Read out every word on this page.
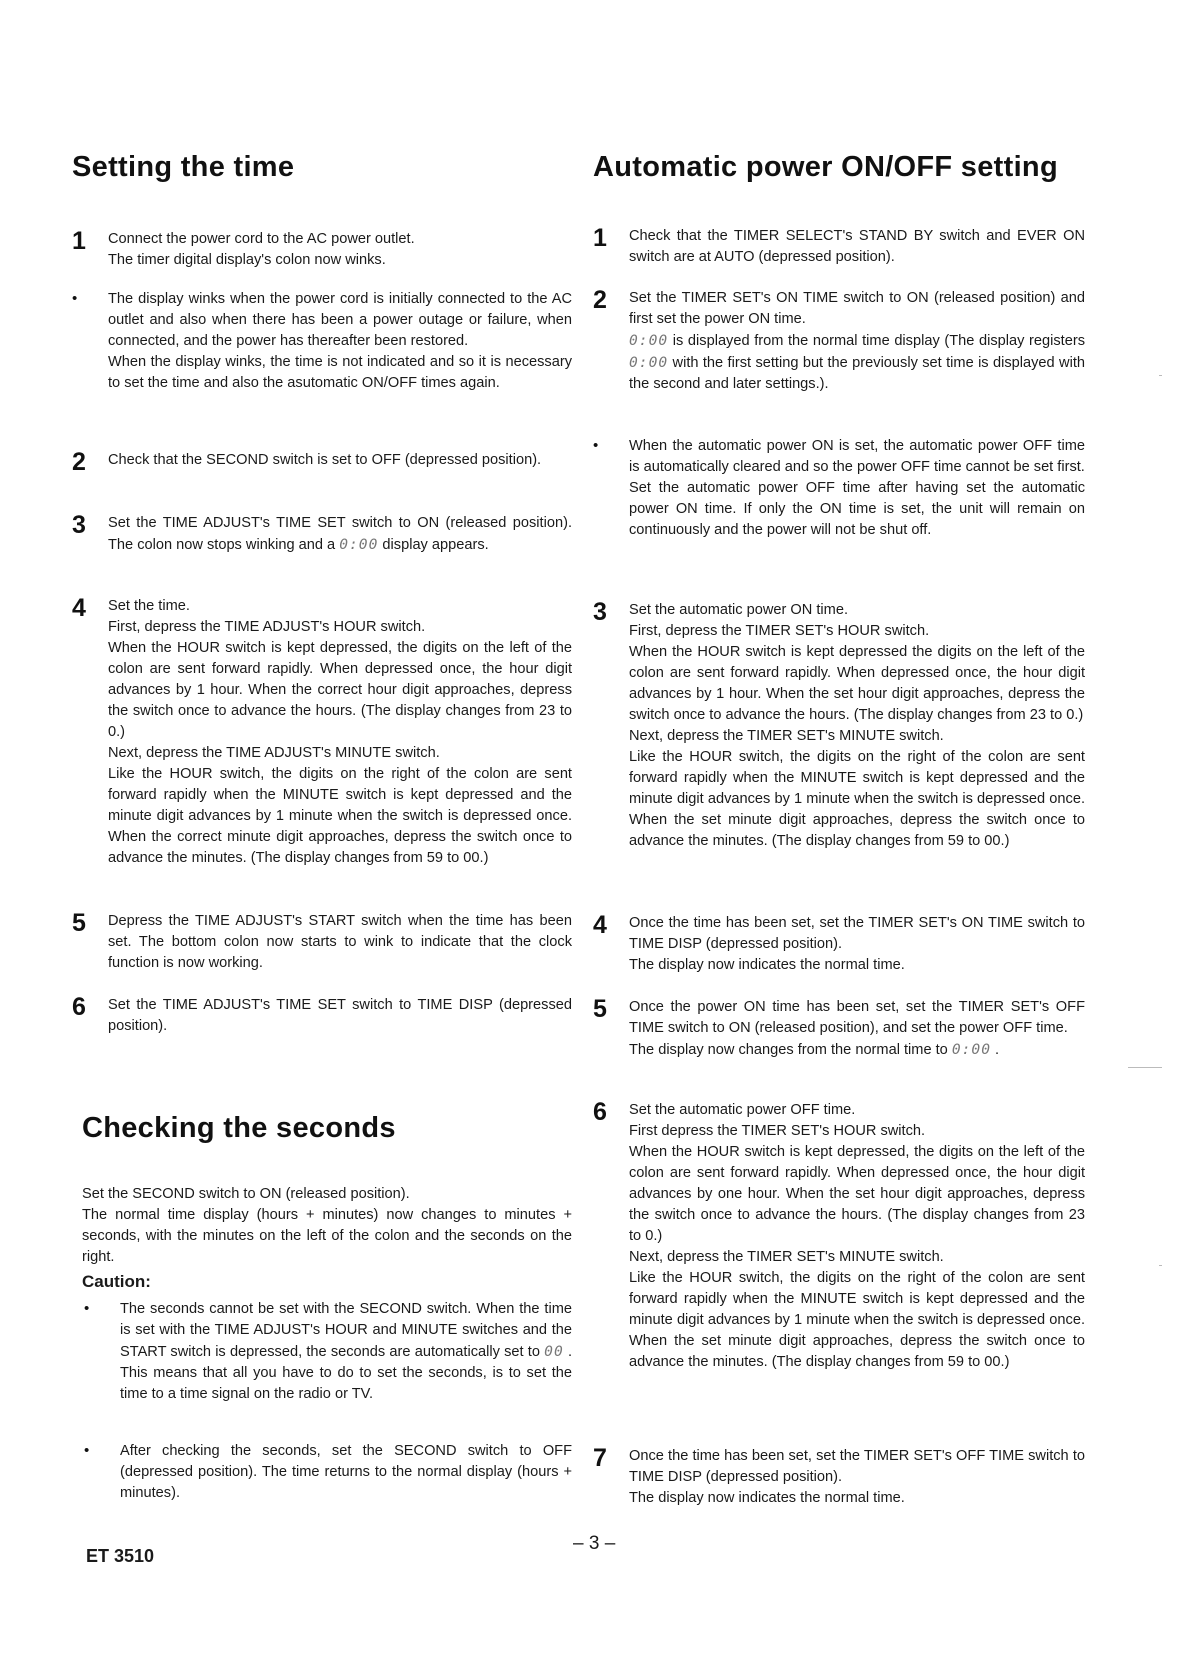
Setting the time
1 Connect the power cord to the AC power outlet.

The timer digital display's colon now winks.

• The display winks when the power cord is initially connected to the AC outlet and also when there has been a power outage or failure, when connected, and the power has thereafter been restored.

When the display winks, the time is not indicated and so it is necessary to set the time and also the asutomatic ON/OFF times again.

2 Check that the SECOND switch is set to OFF (depressed position).

3 Set the TIME ADJUST's TIME SET switch to ON (released position). The colon now stops winking and a 0:00 display appears.

4 Set the time.

First, depress the TIME ADJUST's HOUR switch.

When the HOUR switch is kept depressed, the digits on the left of the colon are sent forward rapidly. When depressed once, the hour digit advances by 1 hour. When the correct hour digit approaches, depress the switch once to advance the hours. (The display changes from 23 to 0.)

Next, depress the TIME ADJUST's MINUTE switch.

Like the HOUR switch, the digits on the right of the colon are sent forward rapidly when the MINUTE switch is kept depressed and the minute digit advances by 1 minute when the switch is depressed once. When the correct minute digit approaches, depress the switch once to advance the minutes. (The display changes from 59 to 00.)

5 Depress the TIME ADJUST's START switch when the time has been set. The bottom colon now starts to wink to indicate that the clock function is now working.

6 Set the TIME ADJUST's TIME SET switch to TIME DISP (depressed position).

Checking the seconds

Set the SECOND switch to ON (released position).

The normal time display (hours + minutes) now changes to minutes + seconds, with the minutes on the left of the colon and the seconds on the right.

Caution:
• The seconds cannot be set with the SECOND switch. When the time is set with the TIME ADJUST's HOUR and MINUTE switches and the START switch is depressed, the seconds are automatically set to 00 . This means that all you have to do to set the seconds, is to set the time to a time signal on the radio or TV.

• After checking the seconds, set the SECOND switch to OFF (depressed position). The time returns to the normal display (hours + minutes).

ET 3510
Automatic power ON/OFF setting
1 Check that the TIMER SELECT's STAND BY switch and EVER ON switch are at AUTO (depressed position).

2 Set the TIMER SET's ON TIME switch to ON (released position) and first set the power ON time.

0:00 is displayed from the normal time display (The display registers 0:00 with the first setting but the previously set time is displayed with the second and later settings.).

• When the automatic power ON is set, the automatic power OFF time is automatically cleared and so the power OFF time cannot be set first.

Set the automatic power OFF time after having set the automatic power ON time. If only the ON time is set, the unit will remain on continuously and the power will not be shut off.

3 Set the automatic power ON time.

First, depress the TIMER SET's HOUR switch.

When the HOUR switch is kept depressed the digits on the left of the colon are sent forward rapidly. When depressed once, the hour digit advances by 1 hour. When the set hour digit approaches, depress the switch once to advance the hours. (The display changes from 23 to 0.)

Next, depress the TIMER SET's MINUTE switch.

Like the HOUR switch, the digits on the right of the colon are sent forward rapidly when the MINUTE switch is kept depressed and the minute digit advances by 1 minute when the switch is depressed once. When the set minute digit approaches, depress the switch once to advance the minutes. (The display changes from 59 to 00.)

4 Once the time has been set, set the TIMER SET's ON TIME switch to TIME DISP (depressed position).

The display now indicates the normal time.

5 Once the power ON time has been set, set the TIMER SET's OFF TIME switch to ON (released position), and set the power OFF time.

The display now changes from the normal time to 0:00 .

6 Set the automatic power OFF time.

First depress the TIMER SET's HOUR switch.

When the HOUR switch is kept depressed, the digits on the left of the colon are sent forward rapidly. When depressed once, the hour digit advances by one hour. When the set hour digit approaches, depress the switch once to advance the hours. (The display changes from 23 to 0.)

Next, depress the TIMER SET's MINUTE switch.

Like the HOUR switch, the digits on the right of the colon are sent forward rapidly when the MINUTE switch is kept depressed and the minute digit advances by 1 minute when the switch is depressed once. When the set minute digit approaches, depress the switch once to advance the minutes. (The display changes from 59 to 00.)

7 Once the time has been set, set the TIMER SET's OFF TIME switch to TIME DISP (depressed position).

The display now indicates the normal time.

– 3 –
